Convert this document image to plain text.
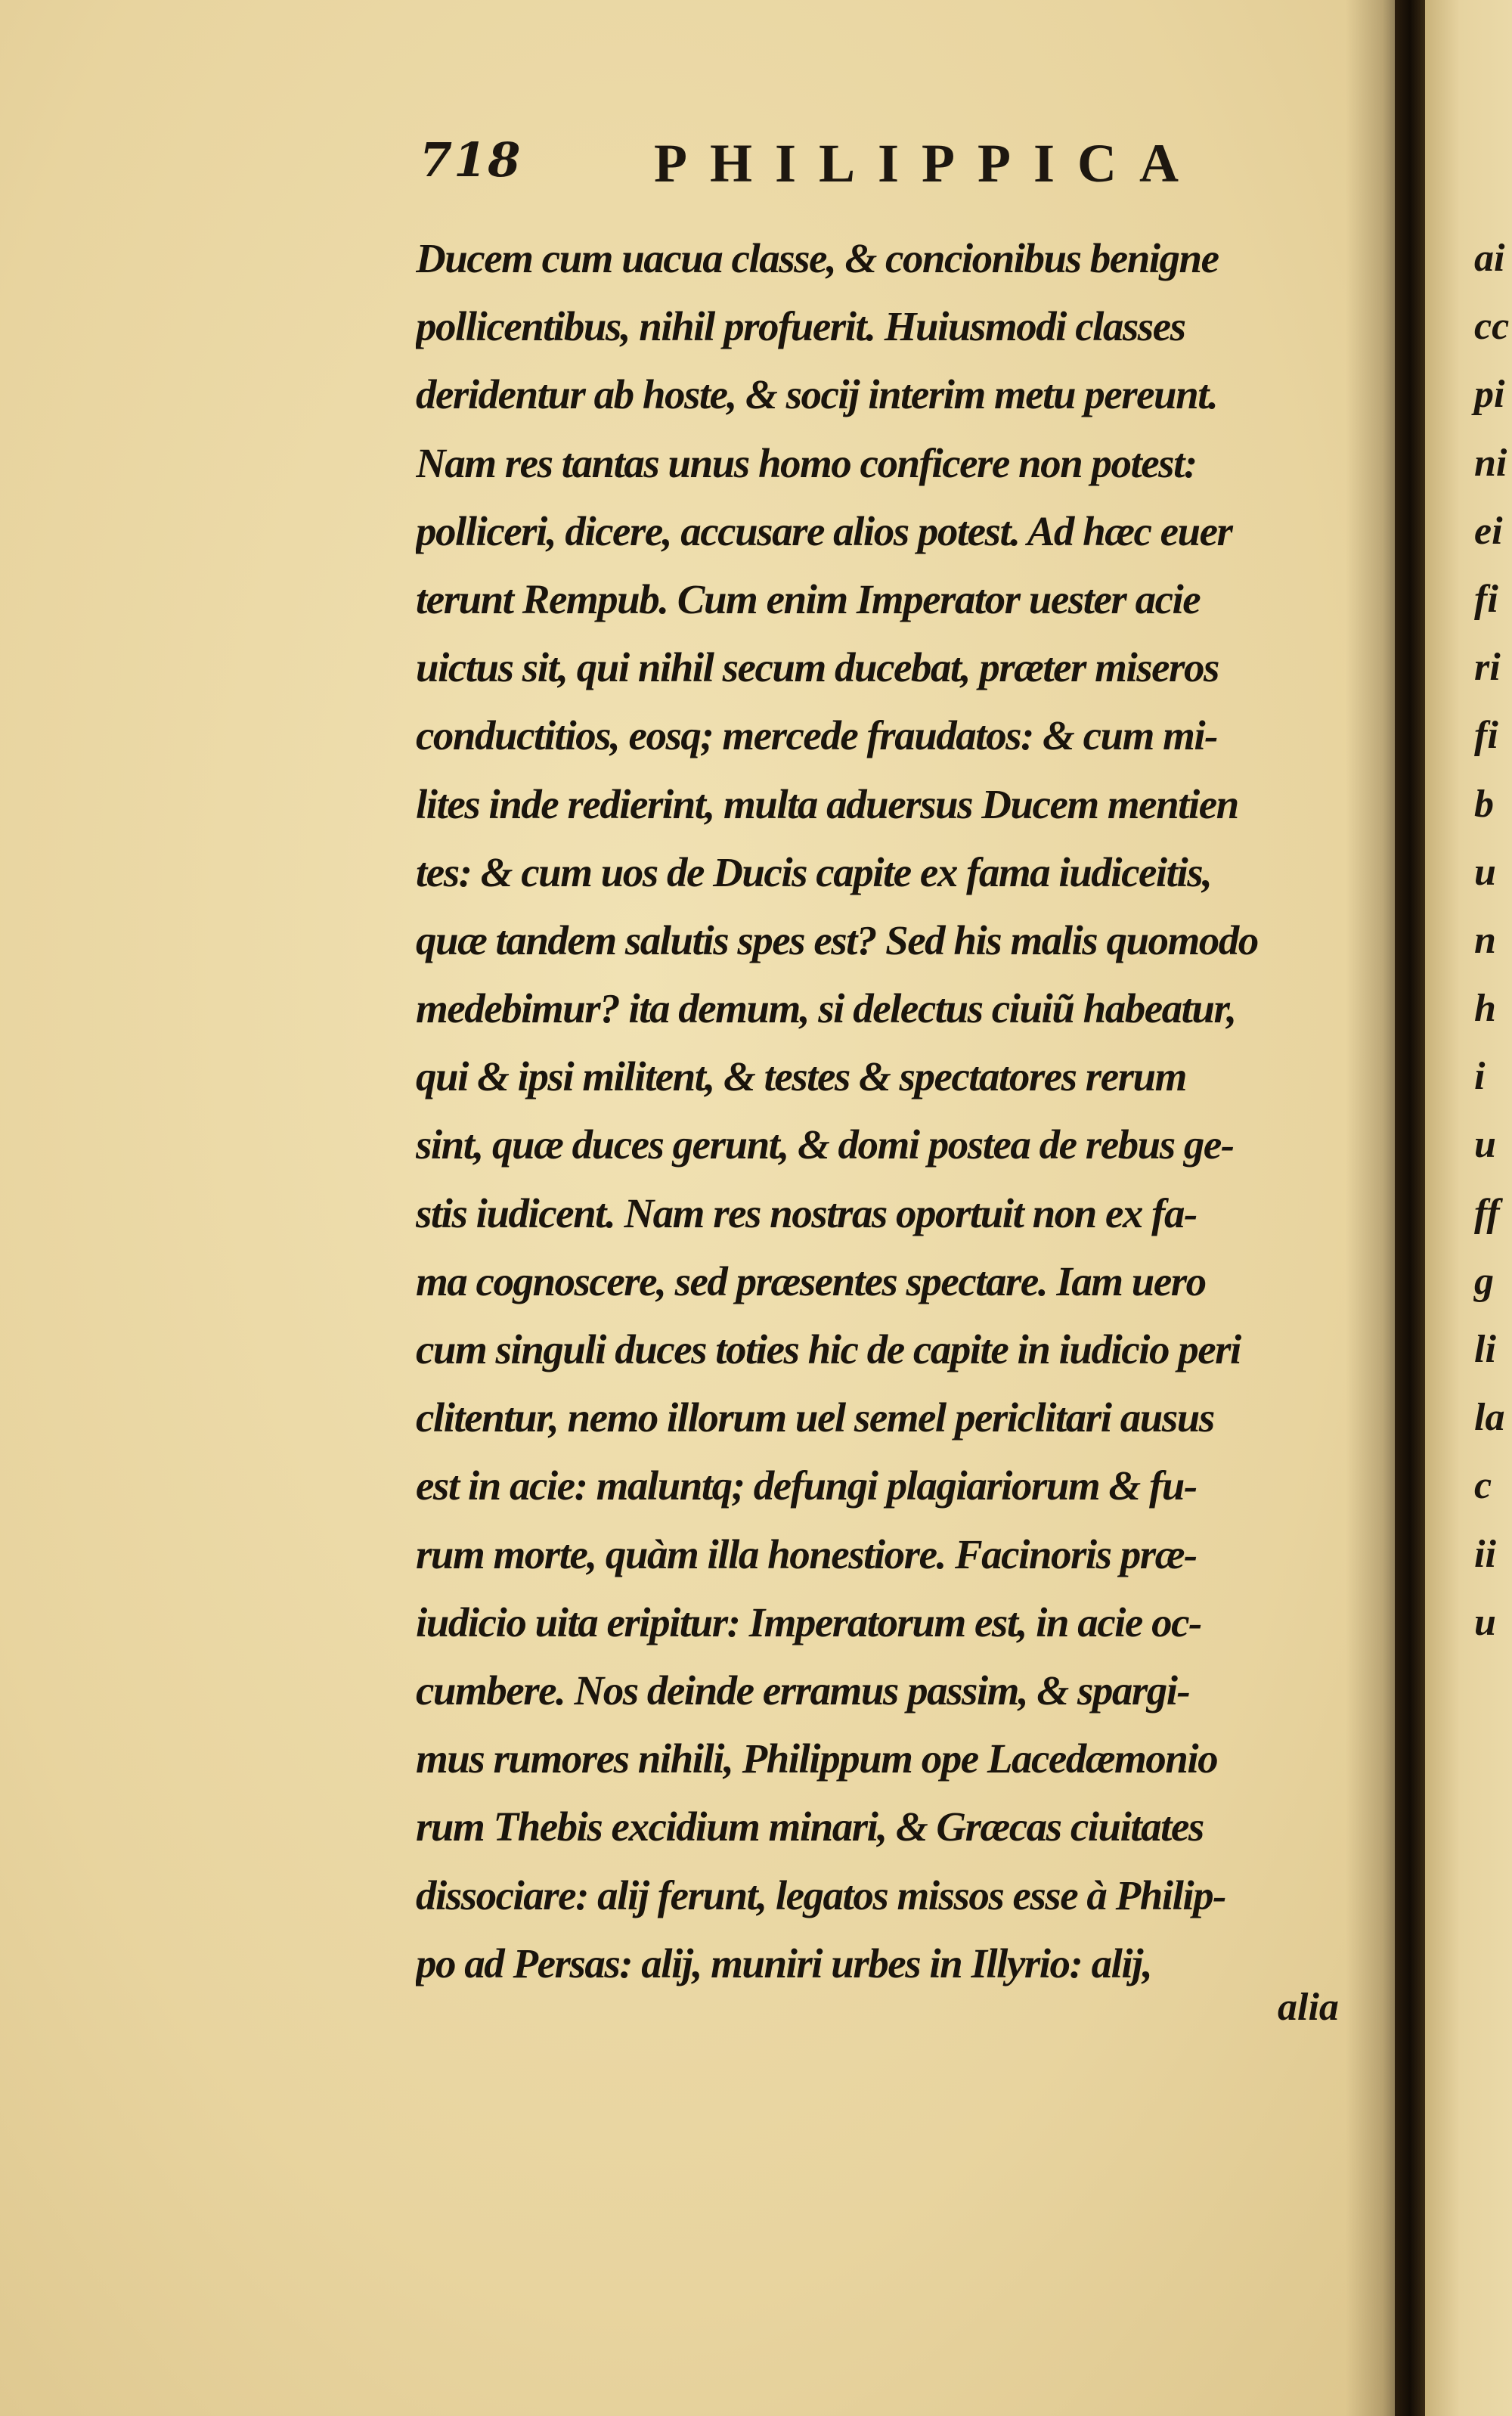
718 PHILIPPICA
Ducem cum uacua classe, & concionibus benigne
pollicentibus, nihil profuerit. Huiusmodi classes
deridentur ab hoste, & socij interim metu pereunt.
Nam res tantas unus homo conficere non potest:
polliceri, dicere, accusare alios potest. Ad hæc euer
terunt Rempub. Cum enim Imperator uester acie
uictus sit, qui nihil secum ducebat, præter miseros
conductitios, eosq; mercede fraudatos: & cum mi-
lites inde redierint, multa aduersus Ducem mentien
tes: & cum uos de Ducis capite ex fama iudiceitis,
quæ tandem salutis spes est? Sed his malis quomodo
medebimur? ita demum, si delectus ciuiũ habeatur,
qui & ipsi militent, & testes & spectatores rerum
sint, quæ duces gerunt, & domi postea de rebus ge-
stis iudicent. Nam res nostras oportuit non ex fa-
ma cognoscere, sed præsentes spectare. Iam uero
cum singuli duces toties hic de capite in iudicio peri
clitentur, nemo illorum uel semel periclitari ausus
est in acie: maluntq; defungi plagiariorum & fu-
rum morte, quàm illa honestiore. Facinoris præ-
iudicio uita eripitur: Imperatorum est, in acie oc-
cumbere. Nos deinde erramus passim, & spargi-
mus rumores nihili, Philippum ope Lacedæmonio
rum Thebis excidium minari, & Græcas ciuitates
dissociare: alij ferunt, legatos missos esse à Philip-
po ad Persas: alij, muniri urbes in Illyrio: alij,
alia
ai
cc
pi
ni
ei
fi
ri
fi
b
u
n
h
i
u
ff
g
li
la
c
ii
u
